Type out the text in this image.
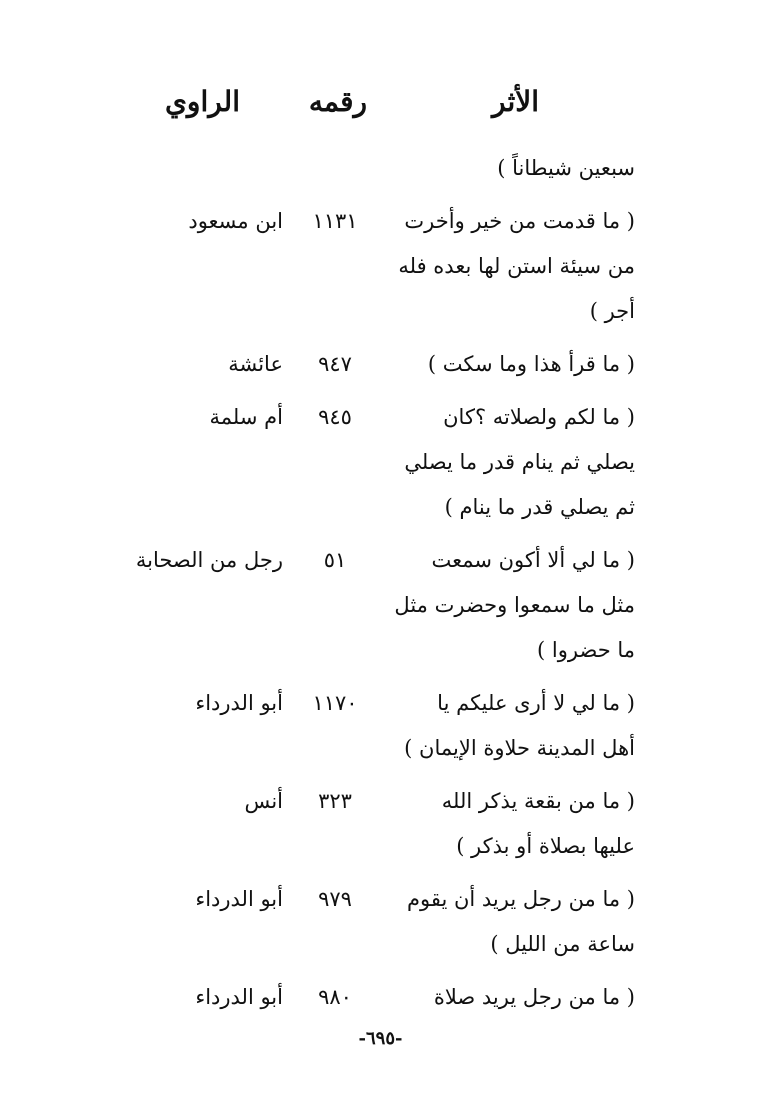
الأثر
رقمه
الراوي
سبعين شيطاناً )
( ما قدمت من خير وأخرت
من سيئة استن لها بعده فله
أجر )
١١٣١
ابن مسعود
( ما قرأ هذا وما سكت )
٩٤٧
عائشة
( ما لكم ولصلاته ؟كان
يصلي ثم ينام قدر ما يصلي
ثم يصلي قدر ما ينام )
٩٤٥
أم سلمة
( ما لي ألا أكون سمعت
مثل ما سمعوا وحضرت مثل
ما حضروا )
٥١
رجل من الصحابة
( ما لي لا أرى عليكم يا
أهل المدينة حلاوة الإيمان )
١١٧٠
أبو الدرداء
( ما من بقعة يذكر الله
عليها بصلاة أو بذكر )
٣٢٣
أنس
( ما من رجل يريد أن يقوم
ساعة من الليل )
٩٧٩
أبو الدرداء
( ما من رجل يريد صلاة
٩٨٠
أبو الدرداء
-٦٩٥-
